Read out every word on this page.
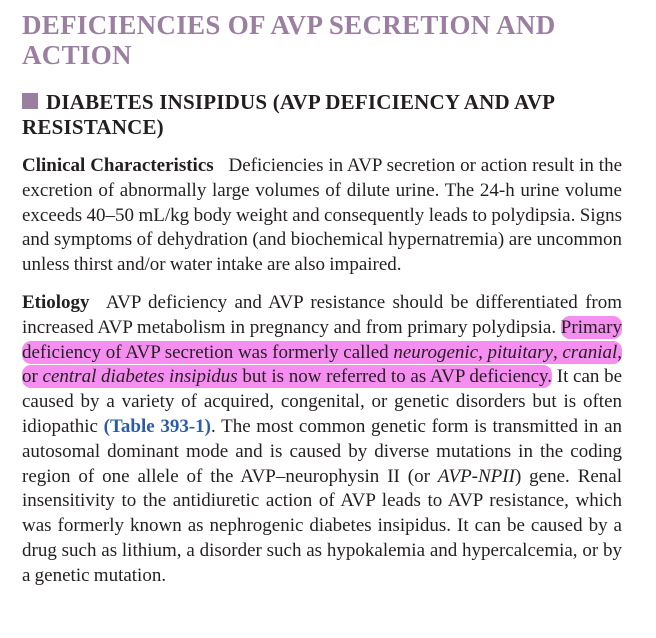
DEFICIENCIES OF AVP SECRETION AND ACTION
DIABETES INSIPIDUS (AVP DEFICIENCY AND AVP RESISTANCE)

Clinical Characteristics Deficiencies in AVP secretion or action result in the excretion of abnormally large volumes of dilute urine. The 24-h urine volume exceeds 40–50 mL/kg body weight and consequently leads to polydipsia. Signs and symptoms of dehydration (and biochemical hypernatremia) are uncommon unless thirst and/or water intake are also impaired.

Etiology AVP deficiency and AVP resistance should be differentiated from increased AVP metabolism in pregnancy and from primary polydipsia. Primary deficiency of AVP secretion was formerly called neurogenic, pituitary, cranial, or central diabetes insipidus but is now referred to as AVP deficiency. It can be caused by a variety of acquired, congenital, or genetic disorders but is often idiopathic (Table 393-1). The most common genetic form is transmitted in an autosomal dominant mode and is caused by diverse mutations in the coding region of one allele of the AVP–neurophysin II (or AVP-NPII) gene. Renal insensitivity to the antidiuretic action of AVP leads to AVP resistance, which was formerly known as nephrogenic diabetes insipidus. It can be caused by a drug such as lithium, a disorder such as hypokalemia and hypercalcemia, or by a genetic mutation.
